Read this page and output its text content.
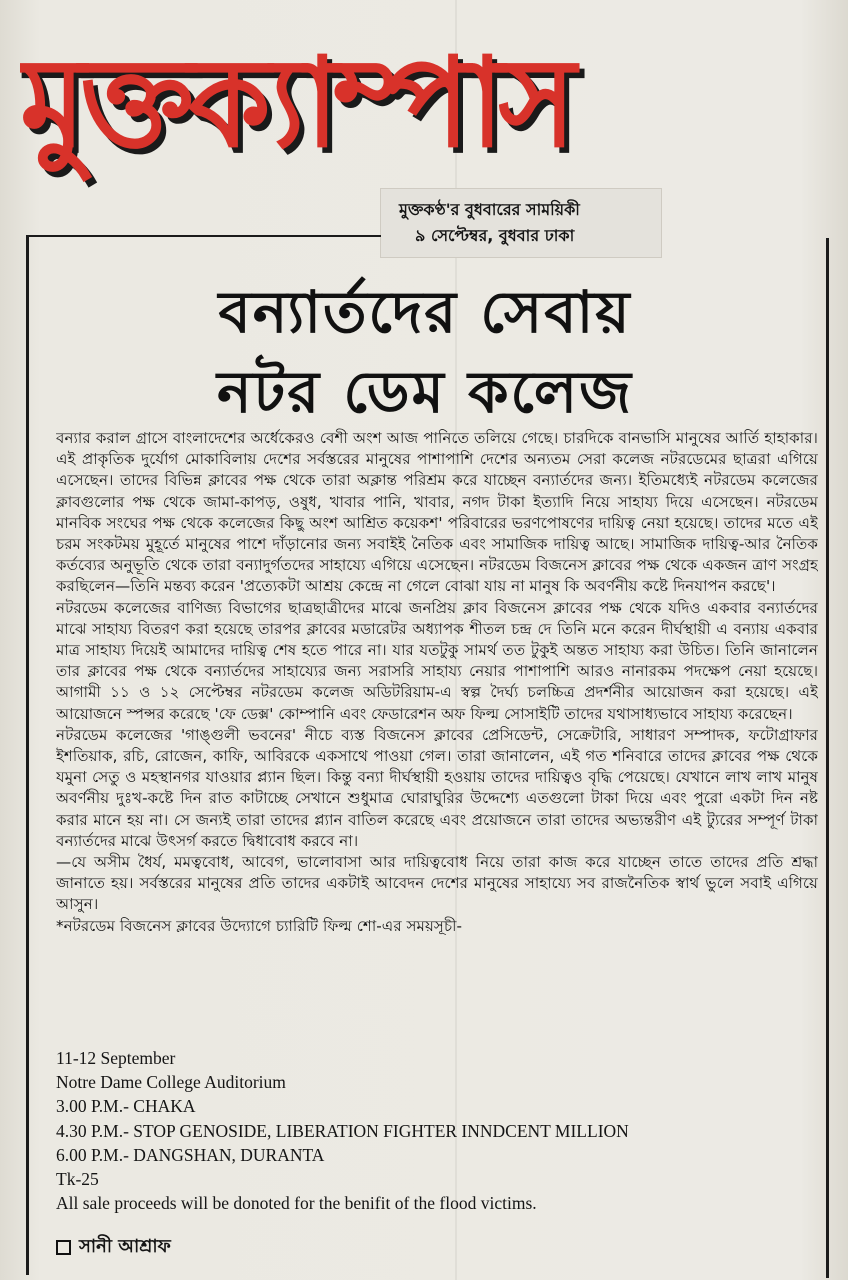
মুক্তক্যাম্পাস
মুক্তকণ্ঠ'র বুধবারের সাময়িকী
৯ সেপ্টেম্বর, বুধবার ঢাকা
বন্যার্তদের সেবায়
নটর ডেম কলেজ

বন্যার করাল গ্রাসে বাংলাদেশের অর্ধেকেরও বেশী অংশ আজ পানিতে তলিয়ে গেছে। চারদিকে বানভাসি মানুষের আর্তি হাহাকার। এই প্রাকৃতিক দুর্যোগ মোকাবিলায় দেশের সর্বস্তরের মানুষের পাশাপাশি দেশের অন্যতম সেরা কলেজ নটরডেমের ছাত্ররা এগিয়ে এসেছেন। তাদের বিভিন্ন ক্লাবের পক্ষ থেকে তারা অক্লান্ত পরিশ্রম করে যাচ্ছেন বন্যার্তদের জন্য। ইতিমধ্যেই নটরডেম কলেজের ক্লাবগুলোর পক্ষ থেকে জামা-কাপড়, ওষুধ, খাবার পানি, খাবার, নগদ টাকা ইত্যাদি নিয়ে সাহায্য দিয়ে এসেছেন। নটরডেম মানবিক সংঘের পক্ষ থেকে কলেজের কিছু অংশ আশ্রিত কয়েকশ' পরিবারের ভরণপোষণের দায়িত্ব নেয়া হয়েছে। তাদের মতে এই চরম সংকটময় মুহূর্তে মানুষের পাশে দাঁড়ানোর জন্য সবাইই নৈতিক এবং সামাজিক দায়িত্ব আছে। সামাজিক দায়িত্ব-আর নৈতিক কর্তব্যের অনুভূতি থেকে তারা বন্যাদুর্গতদের সাহায্যে এগিয়ে এসেছেন। নটরডেম বিজনেস ক্লাবের পক্ষ থেকে একজন ত্রাণ সংগ্রহ করছিলেন—তিনি মন্তব্য করেন 'প্রত্যেকটা আশ্রয় কেন্দ্রে না গেলে বোঝা যায় না মানুষ কি অবর্ণনীয় কষ্টে দিনযাপন করছে'।

নটরডেম কলেজের বাণিজ্য বিভাগের ছাত্রছাত্রীদের মাঝে জনপ্রিয় ক্লাব বিজনেস ক্লাবের পক্ষ থেকে যদিও একবার বন্যার্তদের মাঝে সাহায্য বিতরণ করা হয়েছে তারপর ক্লাবের মডারেটর অধ্যাপক শীতল চন্দ্র দে তিনি মনে করেন দীর্ঘস্থায়ী এ বন্যায় একবার মাত্র সাহায্য দিয়েই আমাদের দায়িত্ব শেষ হতে পারে না। যার যতটুকু সামর্থ তত টুকুই অন্তত সাহায্য করা উচিত। তিনি জানালেন তার ক্লাবের পক্ষ থেকে বন্যার্তদের সাহায্যের জন্য সরাসরি সাহায্য নেয়ার পাশাপাশি আরও নানারকম পদক্ষেপ নেয়া হয়েছে। আগামী ১১ ও ১২ সেপ্টেম্বর নটরডেম কলেজ অডিটরিয়াম-এ স্বল্প দৈর্ঘ্য চলচ্চিত্র প্রদর্শনীর আয়োজন করা হয়েছে। এই আয়োজনে স্পন্সর করেছে 'ফে ডেক্স' কোম্পানি এবং ফেডারেশন অফ ফিল্ম সোসাইটি তাদের যথাসাধ্যভাবে সাহায্য করেছেন।

নটরডেম কলেজের 'গাঙ্গুলী ভবনের' নীচে ব্যস্ত বিজনেস ক্লাবের প্রেসিডেন্ট, সেক্রেটারি, সাধারণ সম্পাদক, ফটোগ্রাফার ইশতিয়াক, রচি, রোজেন, কাফি, আবিরকে একসাথে পাওয়া গেল। তারা জানালেন, এই গত শনিবারে তাদের ক্লাবের পক্ষ থেকে যমুনা সেতু ও মহস্থানগর যাওয়ার প্ল্যান ছিল। কিন্তু বন্যা দীর্ঘস্থায়ী হওয়ায় তাদের দায়িত্বও বৃদ্ধি পেয়েছে। যেখানে লাখ লাখ মানুষ অবর্ণনীয় দুঃখ-কষ্টে দিন রাত কাটাচ্ছে সেখানে শুধুমাত্র ঘোরাঘুরির উদ্দেশ্যে এতগুলো টাকা দিয়ে এবং পুরো একটা দিন নষ্ট করার মানে হয় না। সে জন্যই তারা তাদের প্ল্যান বাতিল করেছে এবং প্রয়োজনে তারা তাদের অভ্যন্তরীণ এই ট্যুরের সম্পূর্ণ টাকা বন্যার্তদের মাঝে উৎসর্গ করতে দ্বিধাবোধ করবে না।

—যে অসীম ধৈর্য, মমত্ববোধ, আবেগ, ভালোবাসা আর দায়িত্ববোধ নিয়ে তারা কাজ করে যাচ্ছেন তাতে তাদের প্রতি শ্রদ্ধা জানাতে হয়। সর্বস্তরের মানুষের প্রতি তাদের একটাই আবেদন দেশের মানুষের সাহায্যে সব রাজনৈতিক স্বার্থ ভুলে সবাই এগিয়ে আসুন।

*নটরডেম বিজনেস ক্লাবের উদ্যোগে চ্যারিটি ফিল্ম শো-এর সময়সূচী-

11-12 September
Notre Dame College Auditorium
3.00 P.M.- CHAKA
4.30 P.M.- STOP GENOSIDE, LIBERATION FIGHTER INNDCENT MILLION
6.00 P.M.- DANGSHAN, DURANTA
Tk-25
All sale proceeds will be donoted for the benifit of the flood victims.
সানী আশ্রাফ
